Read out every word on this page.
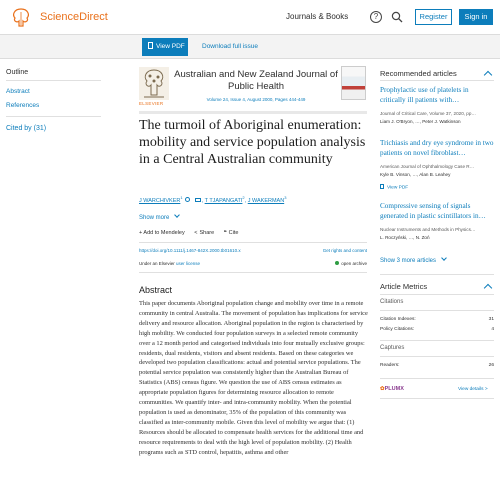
ScienceDirect	Journals & Books	?	Register	Sign in
View PDF	Download full issue
Outline
Abstract
References
Cited by (31)
ELSEVIER
Australian and New Zealand Journal of Public Health
Volume 24, Issue 4, August 2000, Pages 444-449
The turmoil of Aboriginal enumeration: mobility and service population analysis in a Central Australian community
J WARCHIVKER$^1$  , T TJAPANGATI$^2$, J WAKERMAN$^3$
Show more
+ Add to Mendeley < Share ❝ Cite
https://doi.org/10.1111/j.1467-842X.2000.tb01610.x	Get rights and content
Under an Elsevier user license	open archive
Abstract

This paper documents Aboriginal population change and mobility over time in a remote community in central Australia. The movement of population has implications for service delivery and resource allocation. Aboriginal population in the region is characterised by high mobility. We conducted four population surveys in a selected remote community over a 12 month period and categorised individuals into four mutually exclusive groups: residents, dual residents, visitors and absent residents. Based on these categories we developed two population classifications: actual and potential service populations. The potential service population was consistently higher than the Australian Bureau of Statistics (ABS) census figure. We question the use of ABS census estimates as appropriate population figures for determining resource allocation to remote communities. We quantify inter- and intra-community mobility. When the potential population is used as denominator, 35% of the population of this community was classified as inter-community mobile. Given this level of mobility we argue that: (1) Resources should be allocated to compensate health services for the additional time and resource requirements to deal with the high level of population mobility. (2) Health programs such as STD control, hepatitis, asthma and other

Recommended articles
Prophylactic use of platelets in critically ill patients with…
Journal of Critical Care, Volume 37, 2020, pp…
Liam J. O'Bryon, …, Peter J. Watkinson
Trichiasis and dry eye syndrome in two patients on novel fibroblast…
American Journal of Ophthalmology Case R…
Kyle B. Vinson, …, Alan B. Leahey
View PDF
Compressive sensing of signals generated in plastic scintillators in…
Nuclear Instruments and Methods in Physics…
L. Roczyński, …, N. Zoń
Show 3 more articles
Article Metrics
Citations
Citation Indexes:	31
Policy Citations:	4
Captures
Readers:	26
✿PLUMX	View details >
